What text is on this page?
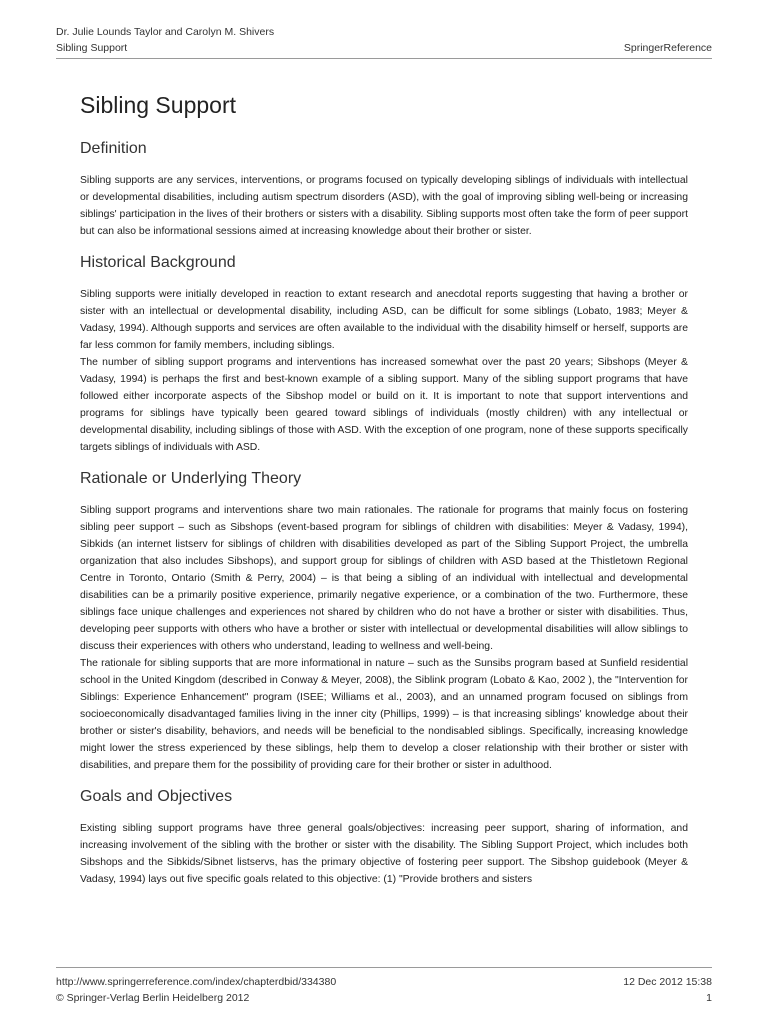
Dr. Julie Lounds Taylor and Carolyn M. Shivers
Sibling Support	SpringerReference
Sibling Support
Definition

Sibling supports are any services, interventions, or programs focused on typically developing siblings of individuals with intellectual or developmental disabilities, including autism spectrum disorders (ASD), with the goal of improving sibling well-being or increasing siblings' participation in the lives of their brothers or sisters with a disability. Sibling supports most often take the form of peer support but can also be informational sessions aimed at increasing knowledge about their brother or sister.

Historical Background

Sibling supports were initially developed in reaction to extant research and anecdotal reports suggesting that having a brother or sister with an intellectual or developmental disability, including ASD, can be difficult for some siblings (Lobato, 1983; Meyer & Vadasy, 1994). Although supports and services are often available to the individual with the disability himself or herself, supports are far less common for family members, including siblings.

The number of sibling support programs and interventions has increased somewhat over the past 20 years; Sibshops (Meyer & Vadasy, 1994) is perhaps the first and best-known example of a sibling support. Many of the sibling support programs that have followed either incorporate aspects of the Sibshop model or build on it. It is important to note that support interventions and programs for siblings have typically been geared toward siblings of individuals (mostly children) with any intellectual or developmental disability, including siblings of those with ASD. With the exception of one program, none of these supports specifically targets siblings of individuals with ASD.

Rationale or Underlying Theory

Sibling support programs and interventions share two main rationales. The rationale for programs that mainly focus on fostering sibling peer support – such as Sibshops (event-based program for siblings of children with disabilities: Meyer & Vadasy, 1994), Sibkids (an internet listserv for siblings of children with disabilities developed as part of the Sibling Support Project, the umbrella organization that also includes Sibshops), and support group for siblings of children with ASD based at the Thistletown Regional Centre in Toronto, Ontario (Smith & Perry, 2004) – is that being a sibling of an individual with intellectual and developmental disabilities can be a primarily positive experience, primarily negative experience, or a combination of the two. Furthermore, these siblings face unique challenges and experiences not shared by children who do not have a brother or sister with disabilities. Thus, developing peer supports with others who have a brother or sister with intellectual or developmental disabilities will allow siblings to discuss their experiences with others who understand, leading to wellness and well-being.

The rationale for sibling supports that are more informational in nature – such as the Sunsibs program based at Sunfield residential school in the United Kingdom (described in Conway & Meyer, 2008), the Siblink program (Lobato & Kao, 2002 ), the "Intervention for Siblings: Experience Enhancement" program (ISEE; Williams et al., 2003), and an unnamed program focused on siblings from socioeconomically disadvantaged families living in the inner city (Phillips, 1999) – is that increasing siblings' knowledge about their brother or sister's disability, behaviors, and needs will be beneficial to the nondisabled siblings. Specifically, increasing knowledge might lower the stress experienced by these siblings, help them to develop a closer relationship with their brother or sister with disabilities, and prepare them for the possibility of providing care for their brother or sister in adulthood.

Goals and Objectives

Existing sibling support programs have three general goals/objectives: increasing peer support, sharing of information, and increasing involvement of the sibling with the brother or sister with the disability. The Sibling Support Project, which includes both Sibshops and the Sibkids/Sibnet listservs, has the primary objective of fostering peer support. The Sibshop guidebook (Meyer & Vadasy, 1994) lays out five specific goals related to this objective: (1) "Provide brothers and sisters

http://www.springerreference.com/index/chapterdbid/334380	12 Dec 2012 15:38
© Springer-Verlag Berlin Heidelberg 2012	1
